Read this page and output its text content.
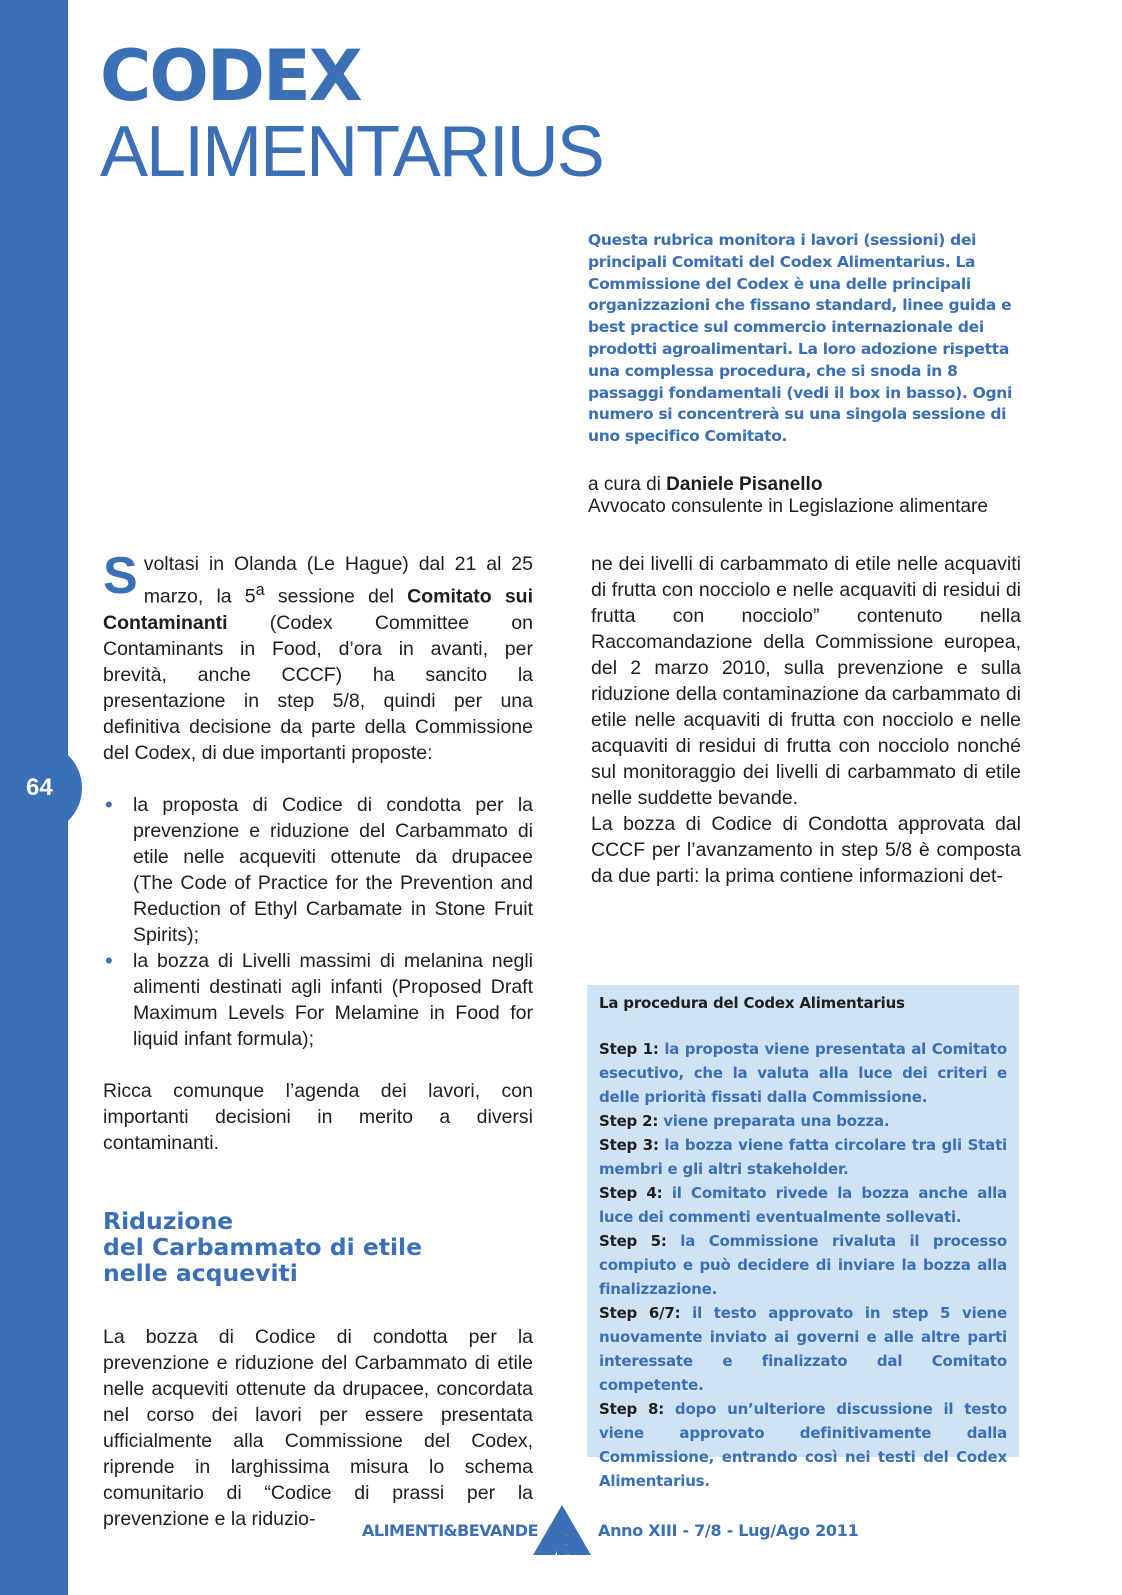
64
CODEX
ALIMENTARIUS
Questa rubrica monitora i lavori (sessioni) dei principali Comitati del Codex Alimentarius. La Commissione del Codex è una delle principali organizzazioni che fissano standard, linee guida e best practice sul commercio internazionale dei prodotti agroalimentari. La loro adozione rispetta una complessa procedura, che si snoda in 8 passaggi fondamentali (vedi il box in basso). Ogni numero si concentrerà su una singola sessione di uno specifico Comitato.
a cura di Daniele Pisanello
Avvocato consulente in Legislazione alimentare

Svoltasi in Olanda (Le Hague) dal 21 al 25 marzo, la 5$^a$ sessione del Comitato sui Contaminanti (Codex Committee on Contaminants in Food, d’ora in avanti, per brevità, anche CCCF) ha sancito la presentazione in step 5/8, quindi per una definitiva decisione da parte della Commissione del Codex, di due importanti proposte:

• la proposta di Codice di condotta per la prevenzione e riduzione del Carbammato di etile nelle acqueviti ottenute da drupacee (The Code of Practice for the Prevention and Reduction of Ethyl Carbamate in Stone Fruit Spirits);
• la bozza di Livelli massimi di melanina negli alimenti destinati agli infanti (Proposed Draft Maximum Levels For Melamine in Food for liquid infant formula);

Ricca comunque l’agenda dei lavori, con importanti decisioni in merito a diversi contaminanti.

Riduzione
del Carbammato di etile
nelle acqueviti

La bozza di Codice di condotta per la prevenzione e riduzione del Carbammato di etile nelle acqueviti ottenute da drupacee, concordata nel corso dei lavori per essere presentata ufficialmente alla Commissione del Codex, riprende in larghissima misura lo schema comunitario di “Codice di prassi per la prevenzione e la riduzio-

ne dei livelli di carbammato di etile nelle acquaviti di frutta con nocciolo e nelle acquaviti di residui di frutta con nocciolo” contenuto nella Raccomandazione della Commissione europea, del 2 marzo 2010, sulla prevenzione e sulla riduzione della contaminazione da carbammato di etile nelle acquaviti di frutta con nocciolo e nelle acquaviti di residui di frutta con nocciolo nonché sul monitoraggio dei livelli di carbammato di etile nelle suddette bevande.

La bozza di Codice di Condotta approvata dal CCCF per l’avanzamento in step 5/8 è composta da due parti: la prima contiene informazioni det-

La procedura del Codex Alimentarius

Step 1: la proposta viene presentata al Comitato esecutivo, che la valuta alla luce dei criteri e delle priorità fissati dalla Commissione.

Step 2: viene preparata una bozza.

Step 3: la bozza viene fatta circolare tra gli Stati membri e gli altri stakeholder.

Step 4: il Comitato rivede la bozza anche alla luce dei commenti eventualmente sollevati.

Step 5: la Commissione rivaluta il processo compiuto e può decidere di inviare la bozza alla finalizzazione.

Step 6/7: il testo approvato in step 5 viene nuovamente inviato ai governi e alle altre parti interessate e finalizzato dal Comitato competente.

Step 8: dopo un’ulteriore discussione il testo viene approvato definitivamente dalla Commissione, entrando così nei testi del Codex Alimentarius.

ALIMENTI&BEVANDE	Anno XIII - 7/8 - Lug/Ago 2011
